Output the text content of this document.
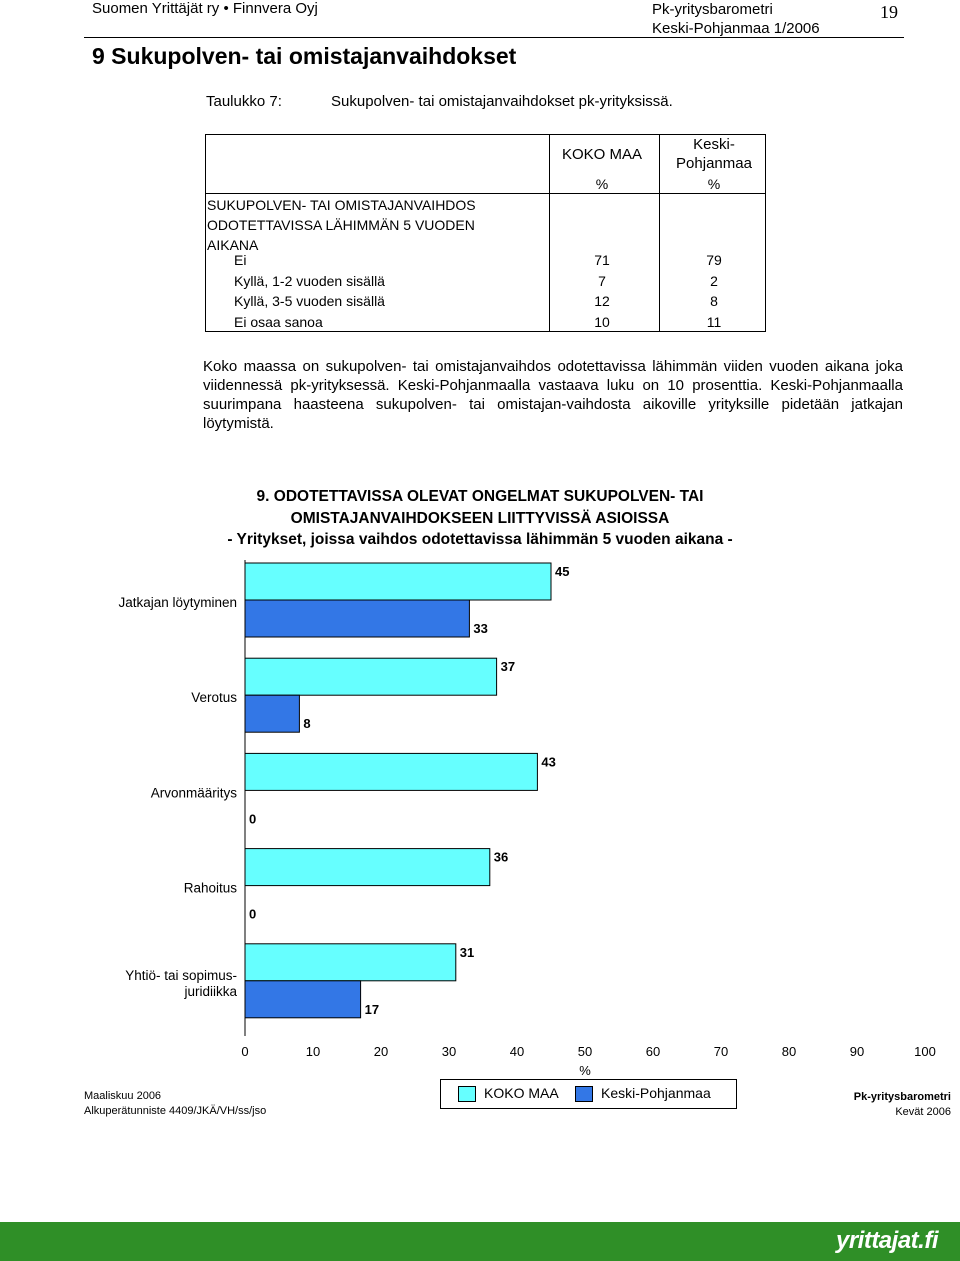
Suomen Yrittäjät ry • Finnvera Oyj	Pk-yritysbarometri
Keski-Pohjanmaa 1/2006
19
9 Sukupolven- tai omistajanvaihdokset
Taulukko 7:	Sukupolven- tai omistajanvaihdokset pk-yrityksissä.
KOKO MAA
Keski-
Pohjanmaa
%	%
SUKUPOLVEN- TAI OMISTAJANVAIHDOS
ODOTETTAVISSA LÄHIMMÄN 5 VUODEN
AIKANA
Ei	71	79
Kyllä, 1-2 vuoden sisällä	7	2
Kyllä, 3-5 vuoden sisällä	12	8
Ei osaa sanoa	10	11
Koko maassa on sukupolven- tai omistajanvaihdos odotettavissa lähimmän viiden vuoden aikana joka viidennessä pk-yrityksessä. Keski-Pohjanmaalla vastaava luku on 10 prosenttia. Keski-Pohjanmaalla suurimpana haasteena sukupolven- tai omistajan-vaihdosta aikoville yrityksille pidetään jatkajan löytymistä.
9. ODOTETTAVISSA OLEVAT ONGELMAT SUKUPOLVEN- TAI
OMISTAJANVAIHDOKSEEN LIITTYVISSÄ ASIOISSA
- Yritykset, joissa vaihdos odotettavissa lähimmän 5 vuoden aikana -
45
33
Jatkajan löytyminen
37
8
Verotus
43
0
Arvonmääritys
36
0
Rahoitus
31
17
Yhtiö- tai sopimus-
juridiikka
0	10	20	30	40	50	60	70	80	90	100
%
KOKO MAA	Keski-Pohjanmaa
Maaliskuu 2006
Alkuperätunniste 4409/JKÄ/VH/ss/jso
Pk-yritysbarometri
Kevät 2006
yrittajat.fi
